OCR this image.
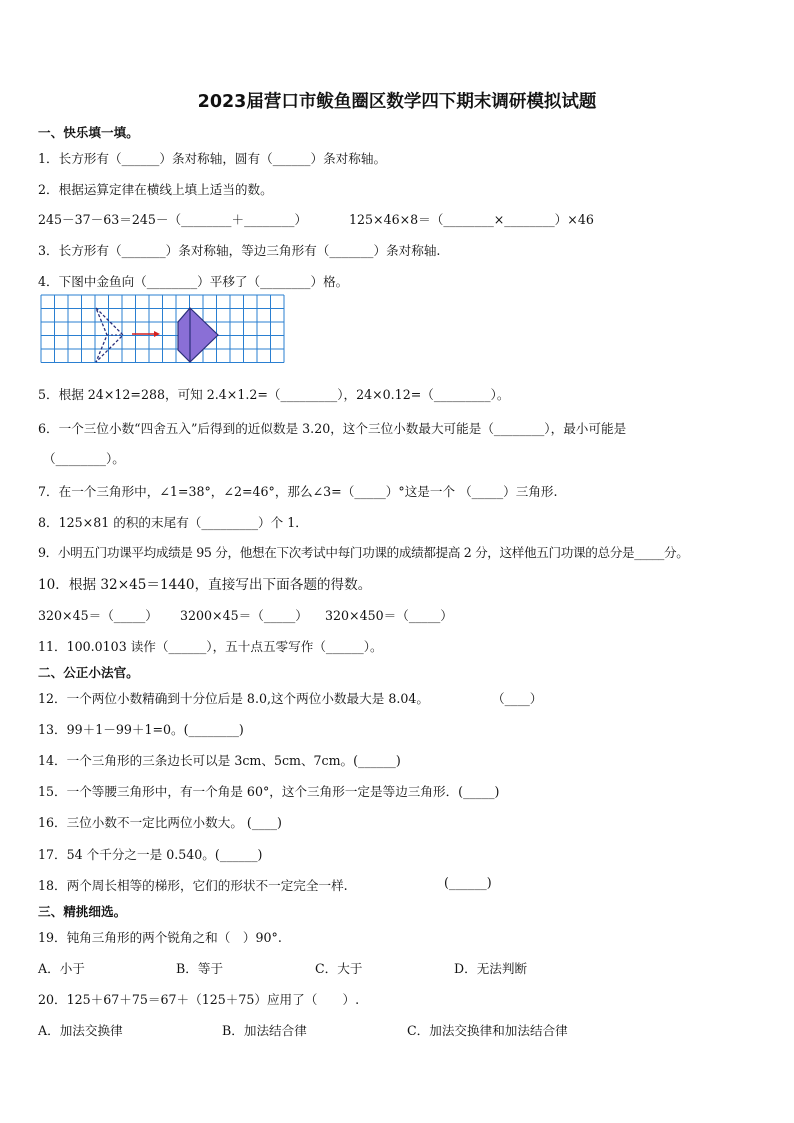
2023届营口市鲅鱼圈区数学四下期末调研模拟试题
一、快乐填一填。
1．长方形有（______）条对称轴，圆有（______）条对称轴。
2．根据运算定律在横线上填上适当的数。
245－37－63＝245－（________＋________）	125×46×8＝（________×________）×46
3．长方形有（_______）条对称轴，等边三角形有（_______）条对称轴.
4．下图中金鱼向（________）平移了（________）格。
5．根据 24×12=288，可知 2.4×1.2=（_________），24×0.12=（_________）。
6．一个三位小数“四舍五入”后得到的近似数是 3.20，这个三位小数最大可能是（________），最小可能是
（________）。
7．在一个三角形中，∠1=38°，∠2=46°，那么∠3=（_____）°这是一个 （_____）三角形.
8．125×81 的积的末尾有（_________）个 1．
9．小明五门功课平均成绩是 95 分，他想在下次考试中每门功课的成绩都提高 2 分，这样他五门功课的总分是_____分。
10．根据 32×45＝1440，直接写出下面各题的得数。
320×45＝（_____） 3200×45＝（_____） 320×450＝（_____）
11．100.0103 读作（______），五十点五零写作（______）。
二、公正小法官。
12．一个两位小数精确到十分位后是 8.0,这个两位小数最大是 8.04。	（____）
13．99＋1－99＋1=0。(________)
14．一个三角形的三条边长可以是 3cm、5cm、7cm。(______)
15．一个等腰三角形中，有一个角是 60°，这个三角形一定是等边三角形．(_____)
16．三位小数不一定比两位小数大。 (____)
17．54 个千分之一是 0.540。(______)
18．两个周长相等的梯形，它们的形状不一定完全一样.	(______)
三、精挑细选。
19．钝角三角形的两个锐角之和（　）90°.
A．小于	B．等于	C．大于	D．无法判断
20．125＋67＋75＝67＋（125＋75）应用了（　　）.
A．加法交换律	B．加法结合律	C．加法交换律和加法结合律
